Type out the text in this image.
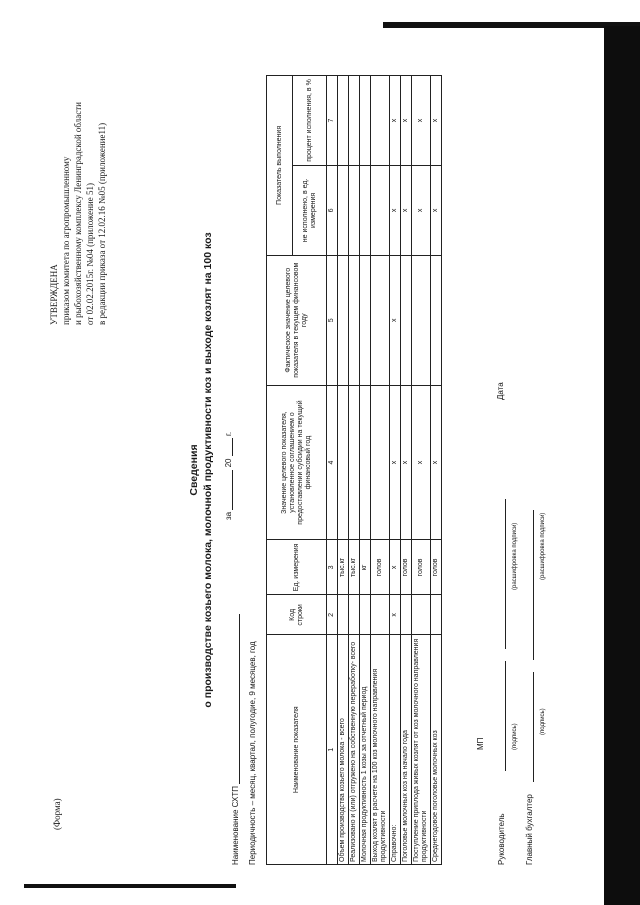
(Форма)
УТВЕРЖДЕНА приказом комитета по агропромышленному и рыбохозяйственному комплексу Ленинградской области от 02.02.2015г. №04 (приложение 51) в редакции приказа от 12.02.16 №05 (приложение11)
Сведения о производстве козьего молока, молочной продуктивности коз и выходе козлят на 100 коз за  20  г.
Наименование СХТП Периодичность – месяц, квартал, полугодие, 9 месяцев, год	Наименование показателя	Код строки	Ед. измерения	Значение целевого показателя, установленное соглашением о предоставлении субсидии на текущий финансовый год	Фактическое значение целевого показателя в текущем финансовом году	Показатель выполнения	
					не исполнено, в ед. измерения	процент исполнения, в %
1	2	3	4	5	6	7
Объем производства козьего молока - всего		тыс.кг				
Реализовано и (или) отгружено на собственную переработку- всего		тыс.кг				
Молочная продуктивность 1 козы за отчетный период		кг				
Выход козлят в расчете на 100 коз молочного направления продуктивности		голов				
Справочно:	х	х	х	х	х	х
Поголовье молочных коз на начало года		голов	х		х	х
Поступление приплода живых козлят от коз молочного направления продуктивности		голов	х		х	х
Среднегодовое поголовье молочных коз		голов	х		х	х
МП
Руководитель
(подпись)
(расшифровка подписи)
Главный бухгалтер
(подпись)
(расшифровка подписи)
Дата
